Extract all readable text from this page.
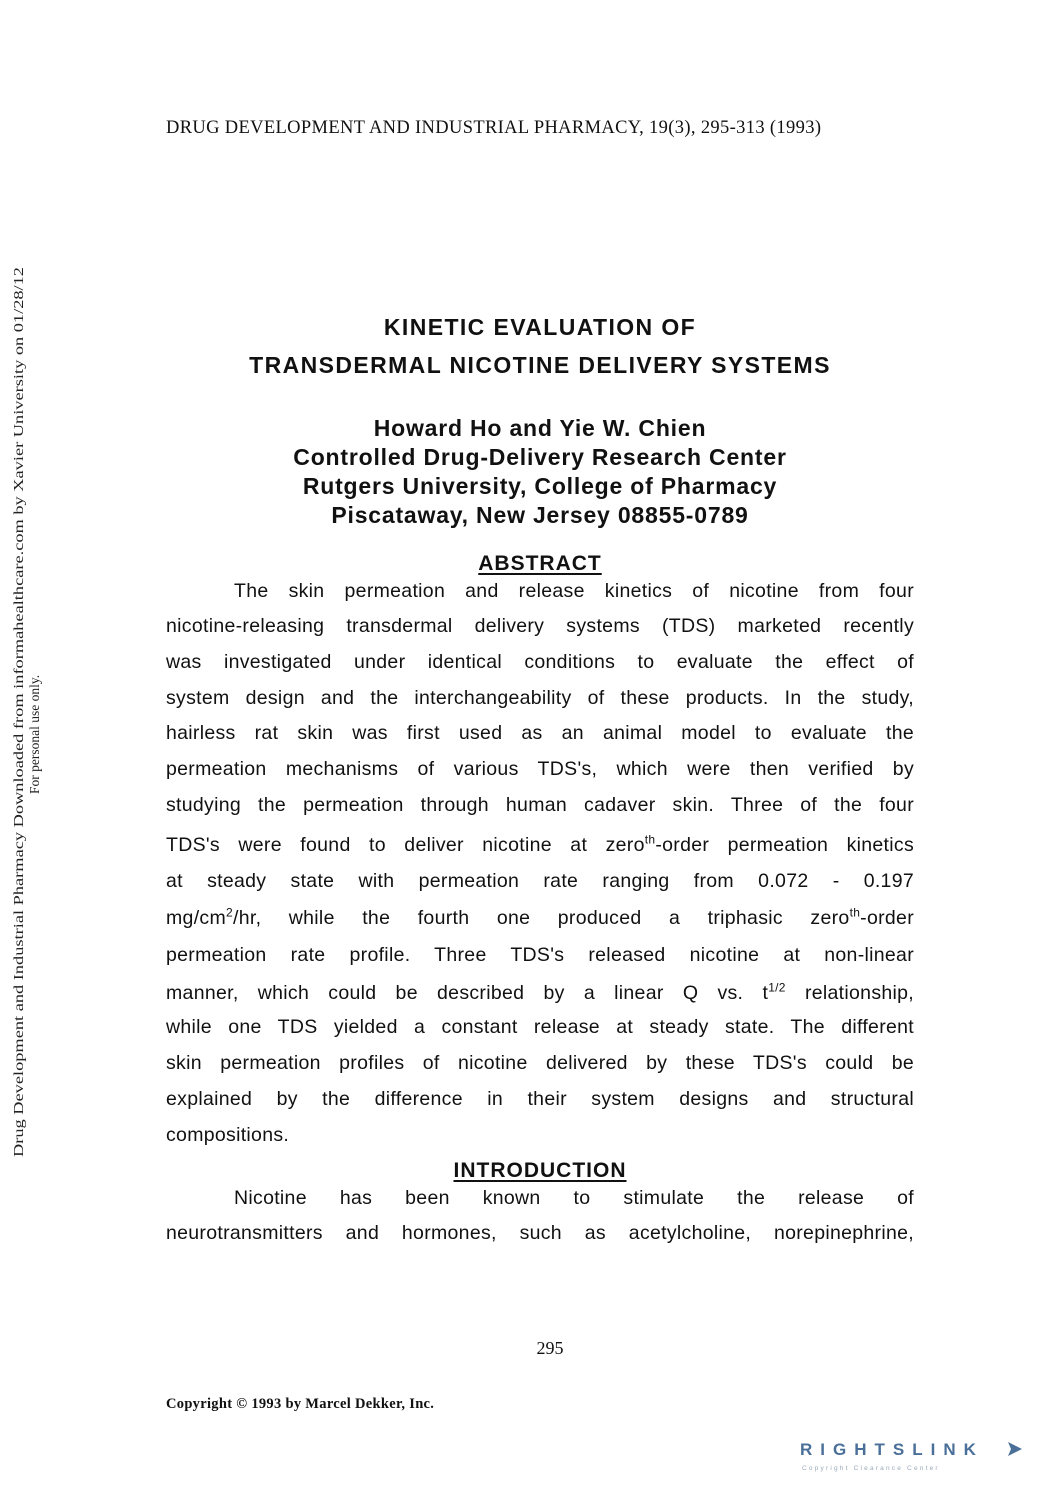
DRUG DEVELOPMENT AND INDUSTRIAL PHARMACY, 19(3), 295-313 (1993)
Drug Development and Industrial Pharmacy Downloaded from informahealthcare.com by Xavier University on 01/28/12 For personal use only.
KINETIC EVALUATION OF
TRANSDERMAL NICOTINE DELIVERY SYSTEMS
Howard Ho and Yie W. Chien
Controlled Drug-Delivery Research Center
Rutgers University, College of Pharmacy
Piscataway, New Jersey 08855-0789
ABSTRACT
The skin permeation and release kinetics of nicotine from four
nicotine-releasing transdermal delivery systems (TDS) marketed recently
was investigated under identical conditions to evaluate the effect of
system design and the interchangeability of these products. In the study,
hairless rat skin was first used as an animal model to evaluate the
permeation mechanisms of various TDS's, which were then verified by
studying the permeation through human cadaver skin. Three of the four
TDS's were found to deliver nicotine at zero$^{th}$-order permeation kinetics
at steady state with permeation rate ranging from 0.072 - 0.197
$mg/cm^2/hr$, while the fourth one produced a triphasic zero$^{th}$-order
permeation rate profile. Three TDS's released nicotine at non-linear
manner, which could be described by a linear Q vs. $t^{1/2}$ relationship,
while one TDS yielded a constant release at steady state. The different
skin permeation profiles of nicotine delivered by these TDS's could be
explained by the difference in their system designs and structural
compositions.
INTRODUCTION
Nicotine has been known to stimulate the release of
neurotransmitters and hormones, such as acetylcholine, norepinephrine,
295
Copyright © 1993 by Marcel Dekker, Inc.
RIGHTSLINK
Copyright Clearance Center
